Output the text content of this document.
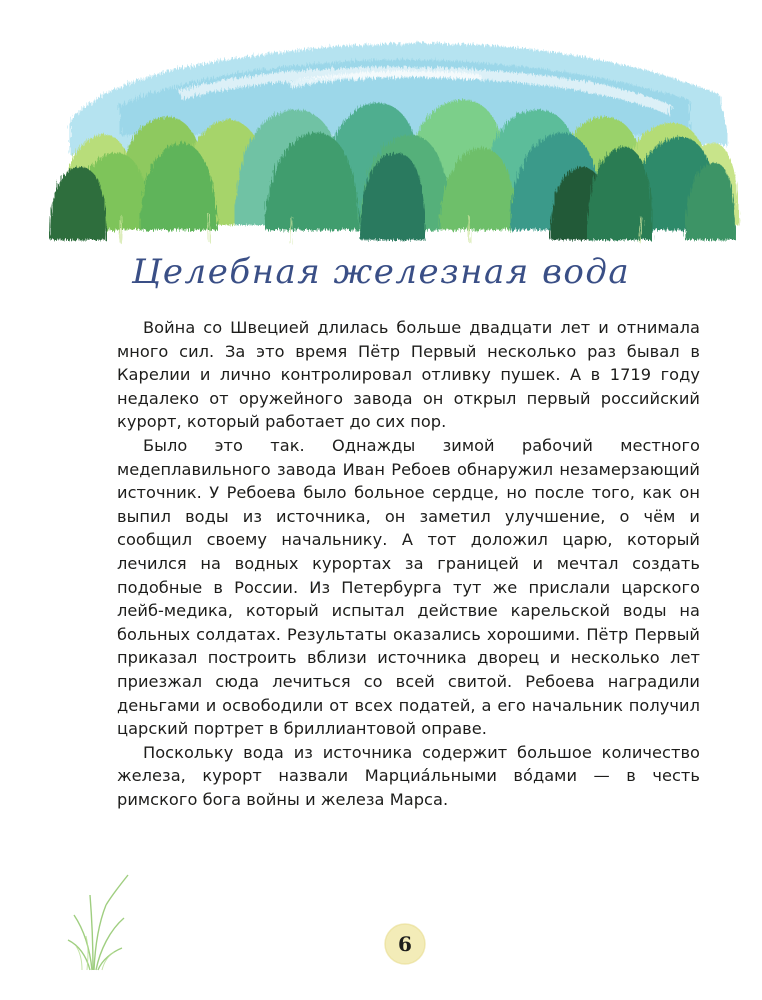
Целебная железная вода

Война со Швецией длилась больше двадцати лет и отнимала много сил. За это время Пётр Первый несколько раз бывал в Карелии и лично контролировал отливку пушек. А в 1719 году недалеко от оружейного завода он открыл первый российский курорт, который работает до сих пор.

Было это так. Однажды зимой рабочий местного медеплавильного завода Иван Ребоев обнаружил незамерзающий источник. У Ребоева было больное сердце, но после того, как он выпил воды из источника, он заметил улучшение, о чём и сообщил своему начальнику. А тот доложил царю, который лечился на водных курортах за границей и мечтал создать подобные в России. Из Петербурга тут же прислали царского лейб-медика, который испытал действие карельской воды на больных солдатах. Результаты оказались хорошими. Пётр Первый приказал построить вблизи источника дворец и несколько лет приезжал сюда лечиться со всей свитой. Ребоева наградили деньгами и освободили от всех податей, а его начальник получил царский портрет в бриллиантовой оправе.

Поскольку вода из источника содержит большое количество железа, курорт назвали Марциа́льными во́дами — в честь римского бога войны и железа Марса.

6
